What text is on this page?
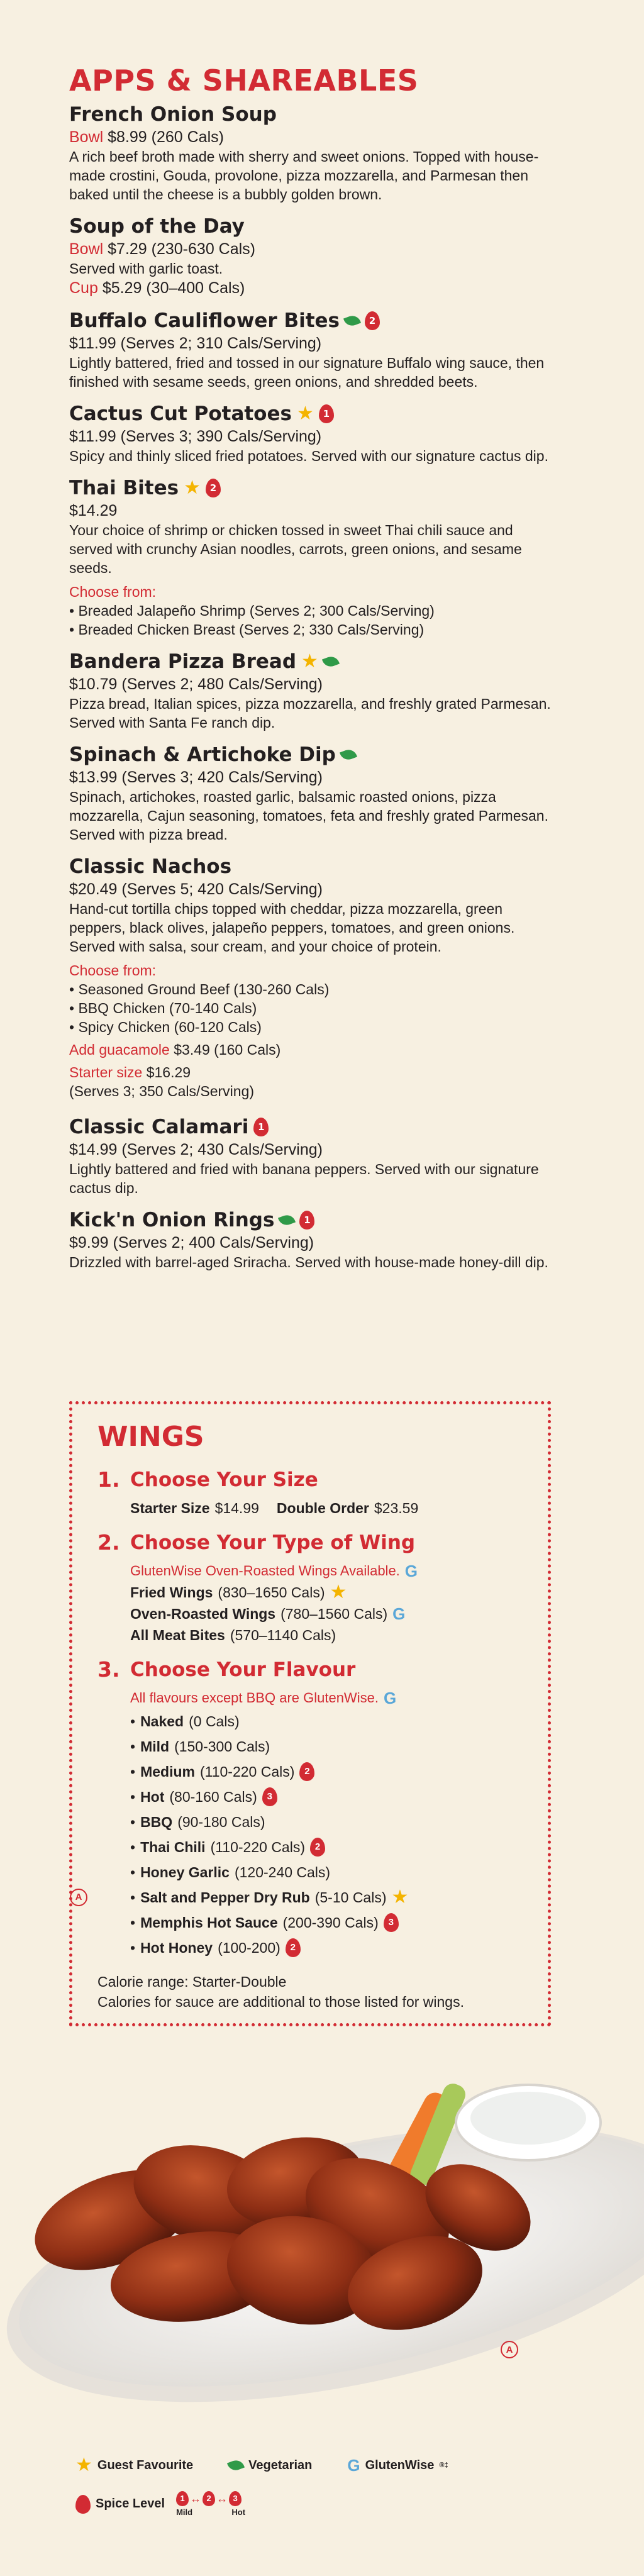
APPS & SHAREABLES
French Onion Soup
Bowl $8.99 (260 Cals)
A rich beef broth made with sherry and sweet onions. Topped with house-made crostini, Gouda, provolone, pizza mozzarella, and Parmesan then baked until the cheese is a bubbly golden brown.
Soup of the Day
Bowl $7.29 (230-630 Cals)
Served with garlic toast.
Cup $5.29 (30–400 Cals)
Buffalo Cauliflower Bites	2
$11.99 (Serves 2; 310 Cals/Serving)
Lightly battered, fried and tossed in our signature Buffalo wing sauce, then finished with sesame seeds, green onions, and shredded beets.
Cactus Cut Potatoes ★ 1
$11.99 (Serves 3; 390 Cals/Serving)
Spicy and thinly sliced fried potatoes. Served with our signature cactus dip.
Thai Bites ★ 2
$14.29
Your choice of shrimp or chicken tossed in sweet Thai chili sauce and served with crunchy Asian noodles, carrots, green onions, and sesame seeds.
Choose from:
• Breaded Jalapeño Shrimp (Serves 2; 300 Cals/Serving)
• Breaded Chicken Breast (Serves 2; 330 Cals/Serving)
Bandera Pizza Bread ★
$10.79 (Serves 2; 480 Cals/Serving)
Pizza bread, Italian spices, pizza mozzarella, and freshly grated Parmesan. Served with Santa Fe ranch dip.
Spinach & Artichoke Dip
$13.99 (Serves 3; 420 Cals/Serving)
Spinach, artichokes, roasted garlic, balsamic roasted onions, pizza mozzarella, Cajun seasoning, tomatoes, feta and freshly grated Parmesan. Served with pizza bread.
Classic Nachos
$20.49 (Serves 5; 420 Cals/Serving)
Hand-cut tortilla chips topped with cheddar, pizza mozzarella, green peppers, black olives, jalapeño peppers, tomatoes, and green onions. Served with salsa, sour cream, and your choice of protein.
Choose from:
• Seasoned Ground Beef (130-260 Cals)
• BBQ Chicken (70-140 Cals)
• Spicy Chicken (60-120 Cals)
Add guacamole $3.49 (160 Cals)
Starter size $16.29
(Serves 3; 350 Cals/Serving)
Classic Calamari 1
$14.99 (Serves 2; 430 Cals/Serving)
Lightly battered and fried with banana peppers. Served with our signature cactus dip.
Kick'n Onion Rings	1
$9.99 (Serves 2; 400 Cals/Serving)
Drizzled with barrel-aged Sriracha. Served with house-made honey-dill dip.
WINGS
1. Choose Your Size
Starter Size $14.99 Double Order $23.59
2. Choose Your Type of Wing
GlutenWise Oven-Roasted Wings Available. G
Fried Wings (830–1650 Cals) ★
Oven-Roasted Wings (780–1560 Cals) G
All Meat Bites (570–1140 Cals)
3. Choose Your Flavour
All flavours except BBQ are GlutenWise. G
• Naked (0 Cals)
• Mild (150-300 Cals)
• Medium (110-220 Cals)	2
• Hot (80-160 Cals)	3
• BBQ (90-180 Cals)
• Thai Chili (110-220 Cals)	2
• Honey Garlic (120-240 Cals)
A	• Salt and Pepper Dry Rub (5-10 Cals) ★
• Memphis Hot Sauce (200-390 Cals)	3
• Hot Honey (100-200)	2
Calorie range: Starter-Double
Calories for sauce are additional to those listed for wings.
A
★ Guest Favourite	Vegetarian G GlutenWise ®‡
Spice Level	1 ↔ 2 ↔ 3
Mild	Hot
